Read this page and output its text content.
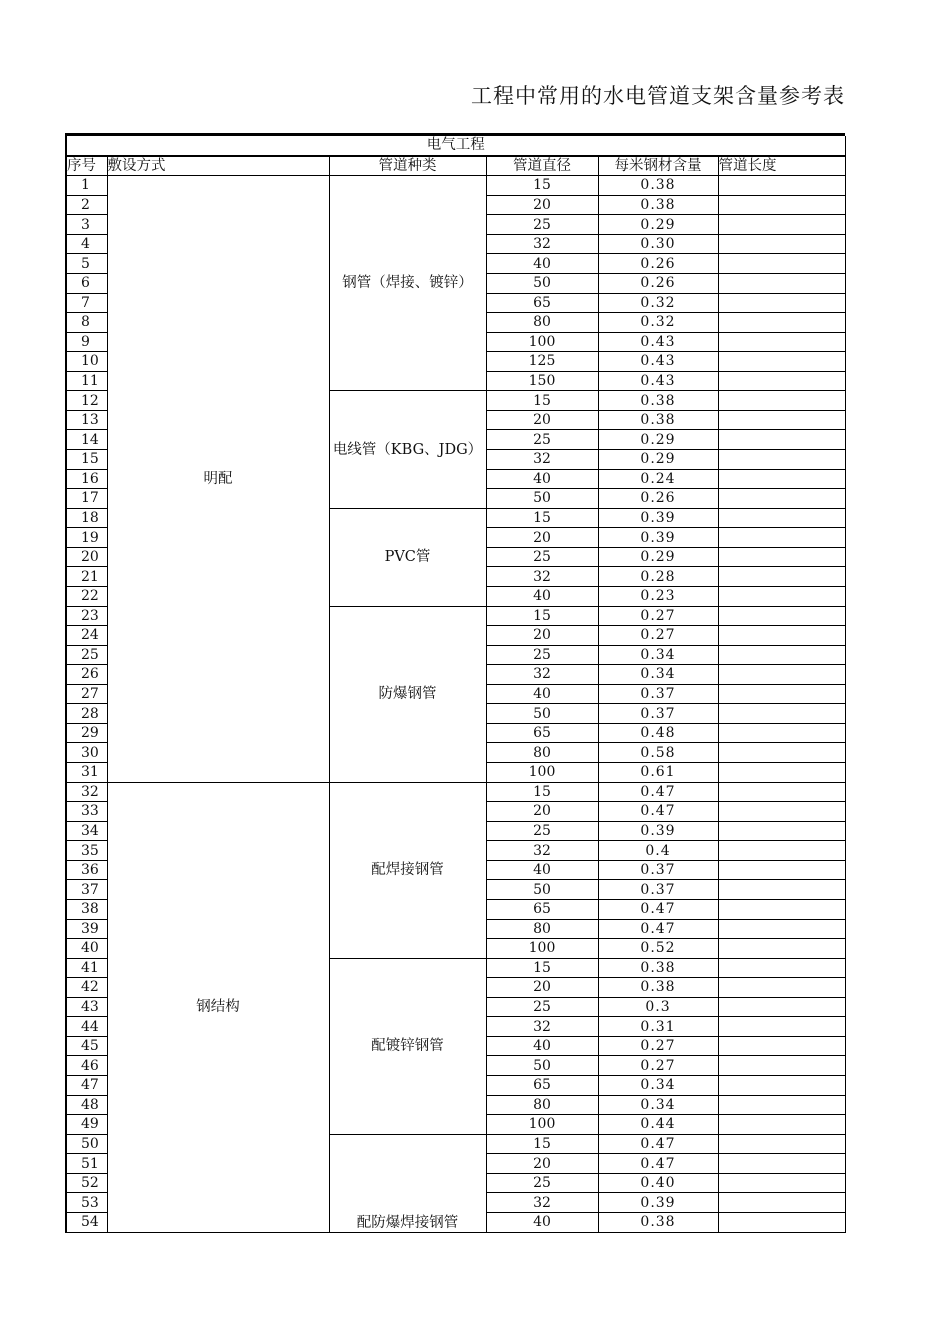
工程中常用的水电管道支架含量参考表
电气工程					
序号	敷设方式	管道种类	管道直径	每米钢材含量	管道长度
1	明配	钢管（焊接、镀锌）	15	0.38	
2			20	0.38	
3			25	0.29	
4			32	0.30	
5			40	0.26	
6			50	0.26	
7			65	0.32	
8			80	0.32	
9			100	0.43	
10			125	0.43	
11			150	0.43	
12		电线管（KBG、JDG）	15	0.38	
13			20	0.38	
14			25	0.29	
15			32	0.29	
16			40	0.24	
17			50	0.26	
18		PVC管	15	0.39	
19			20	0.39	
20			25	0.29	
21			32	0.28	
22			40	0.23	
23		防爆钢管	15	0.27	
24			20	0.27	
25			25	0.34	
26			32	0.34	
27			40	0.37	
28			50	0.37	
29			65	0.48	
30			80	0.58	
31			100	0.61	
32	钢结构	配焊接钢管	15	0.47	
33			20	0.47	
34			25	0.39	
35			32	0.4	
36			40	0.37	
37			50	0.37	
38			65	0.47	
39			80	0.47	
40			100	0.52	
41		配镀锌钢管	15	0.38	
42			20	0.38	
43			25	0.3	
44			32	0.31	
45			40	0.27	
46			50	0.27	
47			65	0.34	
48			80	0.34	
49			100	0.44	
50		配防爆焊接钢管	15	0.47	
51			20	0.47	
52			25	0.40	
53			32	0.39	
54			40	0.38	
